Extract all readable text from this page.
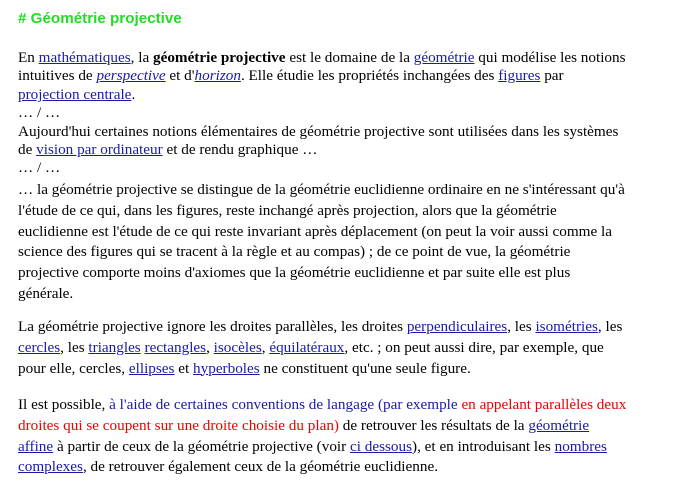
# Géométrie projective
En mathématiques, la géométrie projective est le domaine de la géométrie qui modélise les notions
intuitives de perspective et d'horizon. Elle étudie les propriétés inchangées des figures par
projection centrale.
… / …
Aujourd'hui certaines notions élémentaires de géométrie projective sont utilisées dans les systèmes
de vision par ordinateur et de rendu graphique …
… / …
… la géométrie projective se distingue de la géométrie euclidienne ordinaire en ne s'intéressant qu'à
l'étude de ce qui, dans les figures, reste inchangé après projection, alors que la géométrie
euclidienne est l'étude de ce qui reste invariant après déplacement (on peut la voir aussi comme la
science des figures qui se tracent à la règle et au compas) ; de ce point de vue, la géométrie
projective comporte moins d'axiomes que la géométrie euclidienne et par suite elle est plus
générale.
La géométrie projective ignore les droites parallèles, les droites perpendiculaires, les isométries, les
cercles, les triangles rectangles, isocèles, équilatéraux, etc. ; on peut aussi dire, par exemple, que
pour elle, cercles, ellipses et hyperboles ne constituent qu'une seule figure.
Il est possible, à l'aide de certaines conventions de langage (par exemple en appelant parallèles deux
droites qui se coupent sur une droite choisie du plan) de retrouver les résultats de la géométrie
affine à partir de ceux de la géométrie projective (voir ci dessous), et en introduisant les nombres
complexes, de retrouver également ceux de la géométrie euclidienne.
